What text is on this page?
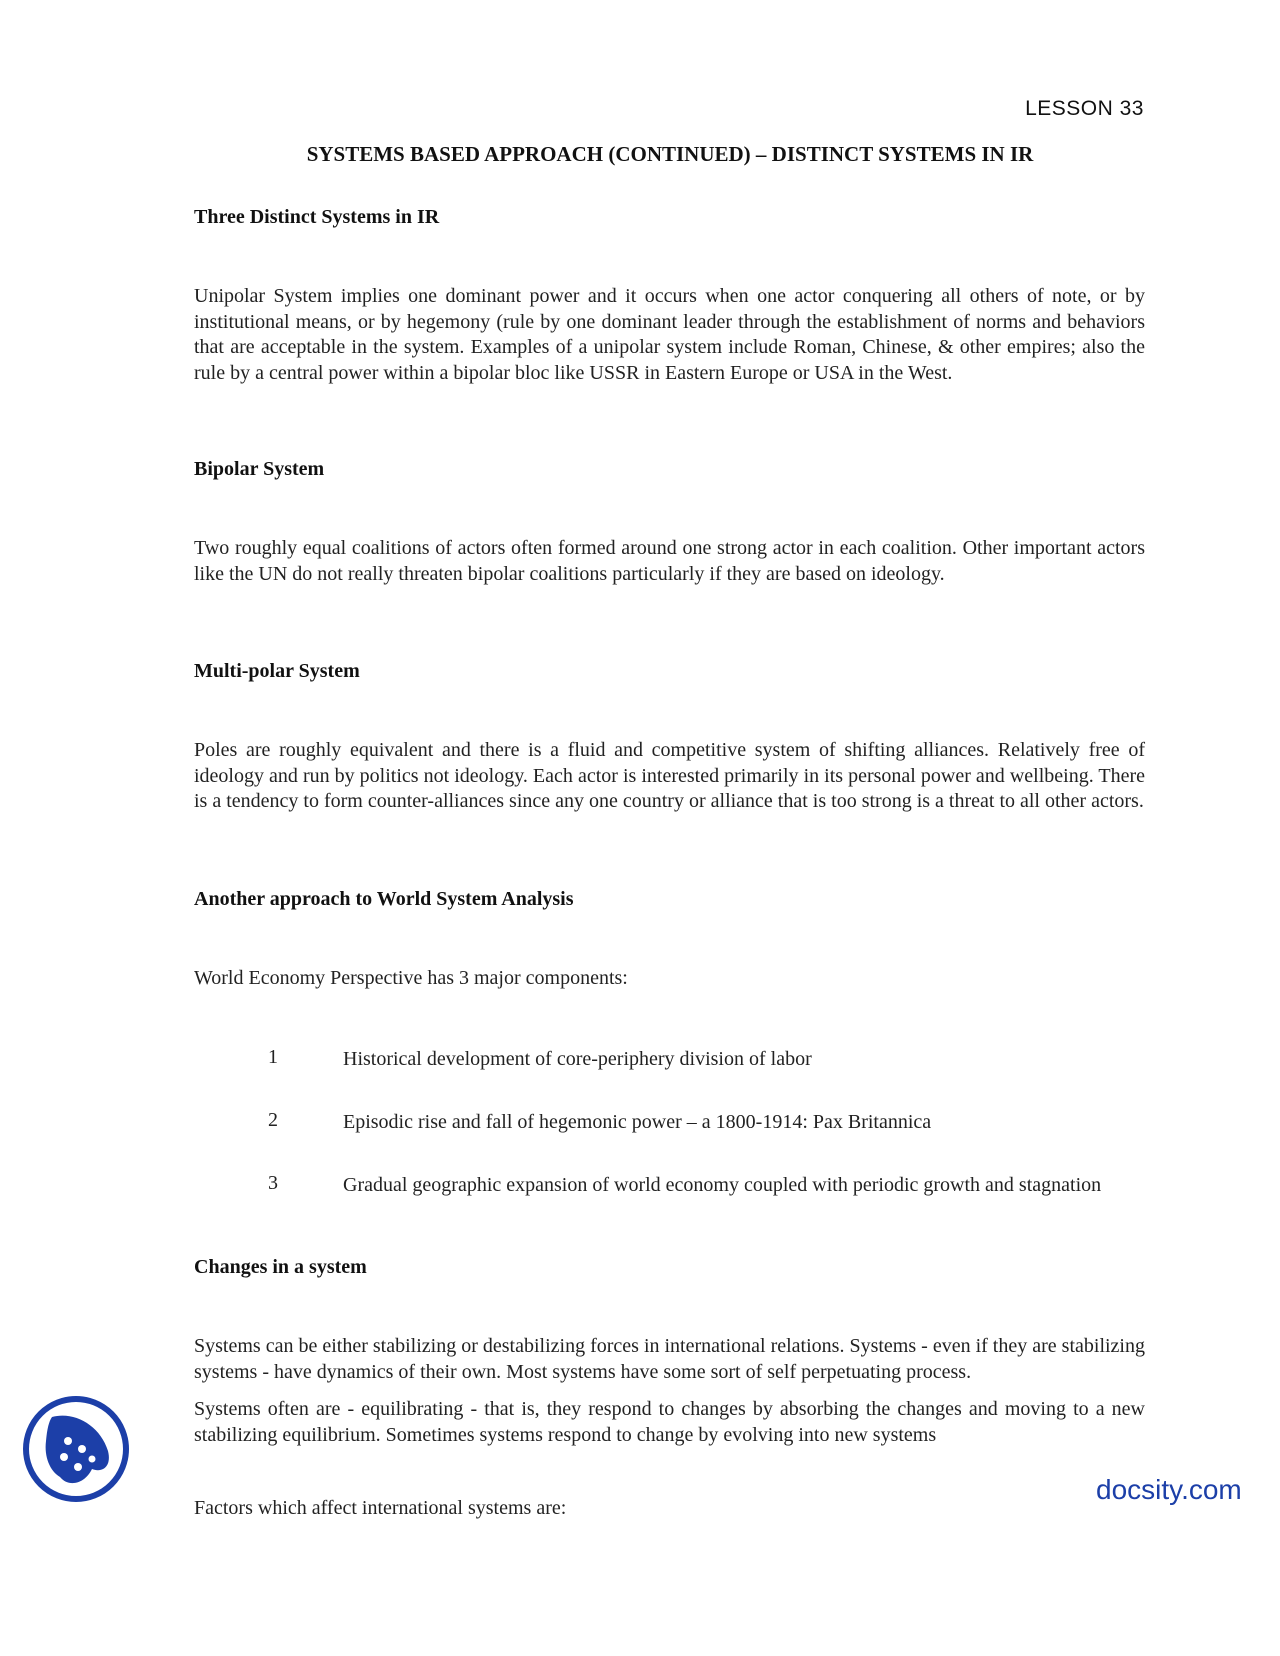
LESSON 33
SYSTEMS BASED APPROACH (CONTINUED) – DISTINCT SYSTEMS IN IR
Three Distinct Systems in IR
Unipolar System implies one dominant power and it occurs when one actor conquering all others of note, or by institutional means, or by hegemony (rule by one dominant leader through the establishment of norms and behaviors that are acceptable in the system. Examples of a unipolar system include Roman, Chinese, & other empires; also the rule by a central power within a bipolar bloc like USSR in Eastern Europe or USA in the West.
Bipolar System
Two roughly equal coalitions of actors often formed around one strong actor in each coalition. Other important actors like the UN do not really threaten bipolar coalitions particularly if they are based on ideology.
Multi-polar System
Poles are roughly equivalent and there is a fluid and competitive system of shifting alliances. Relatively free of ideology and run by politics not ideology. Each actor is interested primarily in its personal power and wellbeing. There is a tendency to form counter-alliances since any one country or alliance that is too strong is a threat to all other actors.
Another approach to World System Analysis
World Economy Perspective has 3 major components:
1	Historical development of core-periphery division of labor
2	Episodic rise and fall of hegemonic power – a 1800-1914: Pax Britannica
3	Gradual geographic expansion of world economy coupled with periodic growth and stagnation
Changes in a system
Systems can be either stabilizing or destabilizing forces in international relations. Systems - even if they are stabilizing systems - have dynamics of their own. Most systems have some sort of self perpetuating process.
Systems often are - equilibrating - that is, they respond to changes by absorbing the changes and moving to a new stabilizing equilibrium. Sometimes systems respond to change by evolving into new systems
Factors which affect international systems are:
docsity.com
